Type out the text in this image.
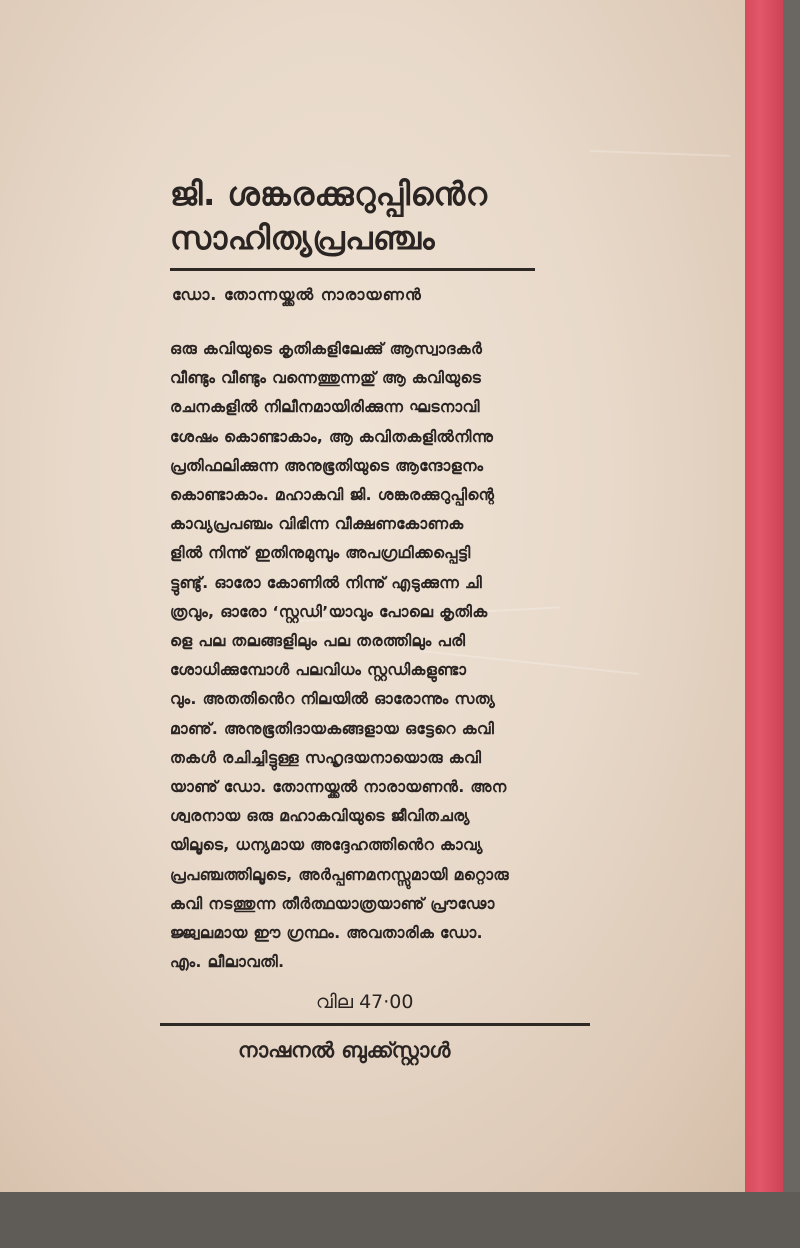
ജി. ശങ്കരക്കുറുപ്പിൻെറ
സാഹിത്യപ്രപഞ്ചം
ഡോ. തോന്നയ്ക്കൽ നാരായണൻ
ഒരു കവിയുടെ കൃതികളിലേക്കു് ആസ്വാദകർ
വീണ്ടും വീണ്ടും വന്നെത്തുന്നതു് ആ കവിയുടെ
രചനകളിൽ നിലീനമായിരിക്കുന്ന ഘടനാവി
ശേഷം കൊണ്ടാകാം, ആ കവിതകളിൽനിന്നു
പ്രതിഫലിക്കുന്ന അനുഭൂതിയുടെ ആന്ദോളനം
കൊണ്ടാകാം. മഹാകവി ജി. ശങ്കരക്കുറുപ്പിന്റെ
കാവ്യപ്രപഞ്ചം വിഭിന്ന വീക്ഷണകോണക
ളിൽ നിന്നു് ഇതിനുമുമ്പും അപഗ്രഥിക്കപ്പെട്ടി
ട്ടുണ്ടു്. ഓരോ കോണിൽ നിന്നു് എടുക്കുന്ന ചി
ത്രവും, ഓരോ ‘സ്റ്റഡി’യാവും പോലെ കൃതിക
ളെ പല തലങ്ങളിലും പല തരത്തിലും പരി
ശോധിക്കുമ്പോൾ പലവിധം സ്റ്റഡികളുണ്ടാ
വും. അതതിൻെറ നിലയിൽ ഓരോന്നും സത്യ
മാണു്. അനുഭൂതിദായകങ്ങളായ ഒട്ടേറെ കവി
തകൾ രചിച്ചിട്ടുള്ള സഹൃദയനായൊരു കവി
യാണു് ഡോ. തോന്നയ്ക്കൽ നാരായണൻ. അന
ശ്വരനായ ഒരു മഹാകവിയുടെ ജീവിതചര്യ
യിലൂടെ, ധന്യമായ അദ്ദേഹത്തിൻെറ കാവ്യ
പ്രപഞ്ചത്തിലൂടെ, അർപ്പണമനസ്സുമായി മറ്റൊരു
കവി നടത്തുന്ന തീർത്ഥയാത്രയാണു് പ്രൗഢോ
ജ്ജ്വലമായ ഈ ഗ്രന്ഥം. അവതാരിക ഡോ.
എം. ലീലാവതി.
വില 47·00
നാഷനൽ ബുക്ക്സ്റ്റാൾ
